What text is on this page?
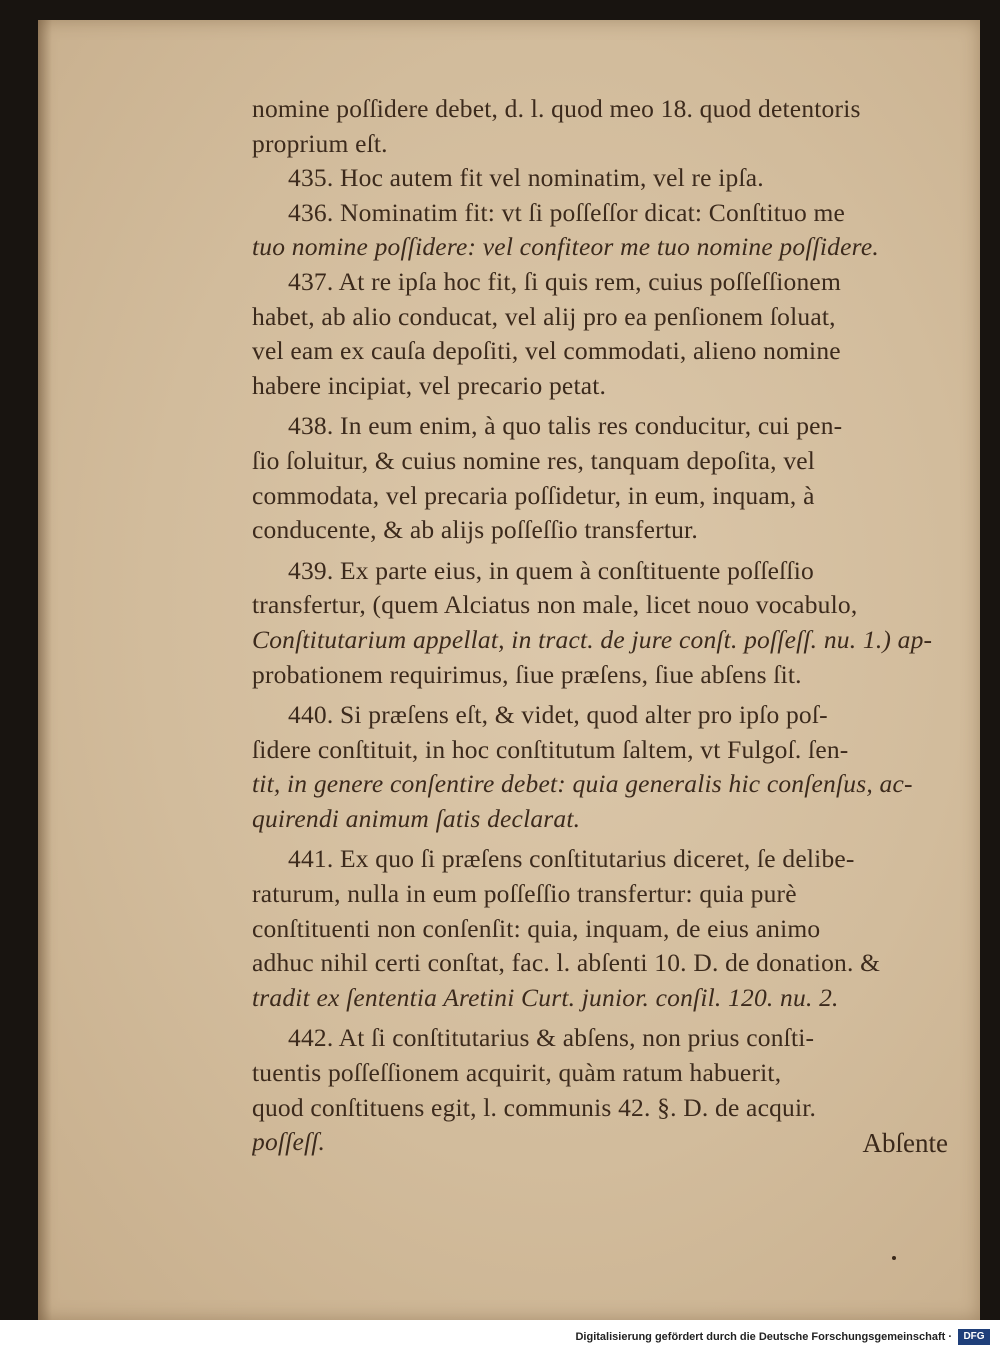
nomine poſſidere debet, d. l. quod meo 18. quod detentoris
proprium eſt.
435. Hoc autem fit vel nominatim, vel re ipſa.
436. Nominatim fit: vt ſi poſſeſſor dicat: Conſtituo me
tuo nomine poſſidere: vel confiteor me tuo nomine poſſidere.
437. At re ipſa hoc fit, ſi quis rem, cuius poſſeſſionem
habet, ab alio conducat, vel alij pro ea penſionem ſoluat,
vel eam ex cauſa depoſiti, vel commodati, alieno nomine
habere incipiat, vel precario petat.
438. In eum enim, à quo talis res conducitur, cui pen-
ſio ſoluitur, & cuius nomine res, tanquam depoſita, vel
commodata, vel precaria poſſidetur, in eum, inquam, à
conducente, & ab alijs poſſeſſio transfertur.
439. Ex parte eius, in quem à conſtituente poſſeſſio
transfertur, (quem Alciatus non male, licet nouo vocabulo,
Conſtitutarium appellat, in tract. de jure conſt. poſſeſſ. nu. 1.) ap-
probationem requirimus, ſiue præſens, ſiue abſens ſit.
440. Si præſens eſt, & videt, quod alter pro ipſo poſ-
ſidere conſtituit, in hoc conſtitutum ſaltem, vt Fulgoſ. ſen-
tit, in genere conſentire debet: quia generalis hic conſenſus, ac-
quirendi animum ſatis declarat.
441. Ex quo ſi præſens conſtitutarius diceret, ſe delibe-
raturum, nulla in eum poſſeſſio transfertur: quia purè
conſtituenti non conſenſit: quia, inquam, de eius animo
adhuc nihil certi conſtat, fac. l. abſenti 10. D. de donation. &
tradit ex ſententia Aretini Curt. junior. conſil. 120. nu. 2.
442. At ſi conſtitutarius & abſens, non prius conſti-
tuentis poſſeſſionem acquirit, quàm ratum habuerit,
quod conſtituens egit, l. communis 42. §. D. de acquir.
poſſeſſ.	Abſente
Digitalisierung gefördert durch die Deutsche Forschungsgemeinschaft ·	DFG
